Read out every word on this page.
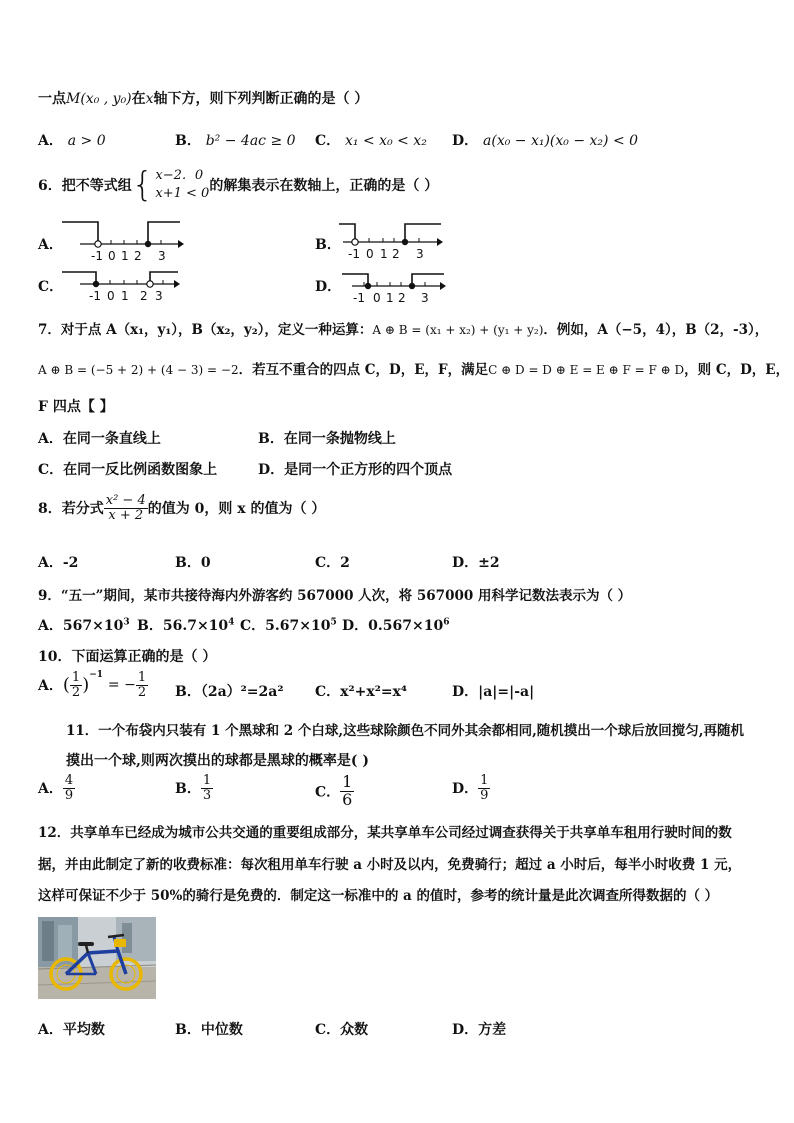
一点M(x₀ , y₀)在x轴下方，则下列判断正确的是（ ）
A． a > 0	B． b² − 4ac ≥ 0 C． x₁ < x₀ < x₂ D． a(x₀ − x₁)(x₀ − x₂) < 0
6．把不等式组 { x−2．0
x+1 < 0 的解集表示在数轴上，正确的是（ ）
A．	B．
C．	D．
-1 0 1 2 3	-1 0 1 2 3
-1 0 1 2 3	-1 0 1 2 3
7．对于点 A（x₁，y₁），B（x₂，y₂），定义一种运算：A ⊕ B = (x₁ + x₂) + (y₁ + y₂)．例如，A（−5，4），B（2，-3），
A ⊕ B = (−5 + 2) + (4 − 3) = −2．若互不重合的四点 C，D，E，F，满足C ⊕ D = D ⊕ E = E ⊕ F = F ⊕ D，则 C，D，E，
F 四点【 】
A．在同一条直线上	B．在同一条抛物线上
C．在同一反比例函数图象上	D．是同一个正方形的四个顶点
8．若分式 $\frac{\text{x² − 4}}{x + 2}$ 的值为 0，则 x 的值为（ ）
A．-2	B．0	C．2	D．±2
9．“五一”期间，某市共接待海内外游客约 567000 人次，将 567000 用科学记数法表示为（ ）
A．$567\times 10^3$ B．$56.7\times 10^4$ C．$5.67\times 10^5$ D．$0.567\times 10^6$
10．下面运算正确的是（ ）
A．( $\frac{1}{2} )^{-1}$ = − $\frac{1}{2}$ B．（2a）²=2a² C．x²+x²=x⁴	D．|a|=|-a|
11．一个布袋内只装有 1 个黑球和 2 个白球,这些球除颜色不同外其余都相同,随机摸出一个球后放回搅匀,再随机
摸出一个球,则两次摸出的球都是黑球的概率是( )
A． $\frac{4}{9}$	B． $\frac{1}{3}$	C． $\frac{1}{6}$	D． $\frac{1}{9}$
12．共享单车已经成为城市公共交通的重要组成部分，某共享单车公司经过调查获得关于共享单车租用行驶时间的数
据，并由此制定了新的收费标准：每次租用单车行驶 a 小时及以内，免费骑行；超过 a 小时后，每半小时收费 1 元，
这样可保证不少于 50%的骑行是免费的．制定这一标准中的 a 的值时，参考的统计量是此次调查所得数据的（ ）
A．平均数	B．中位数	C．众数	D．方差
